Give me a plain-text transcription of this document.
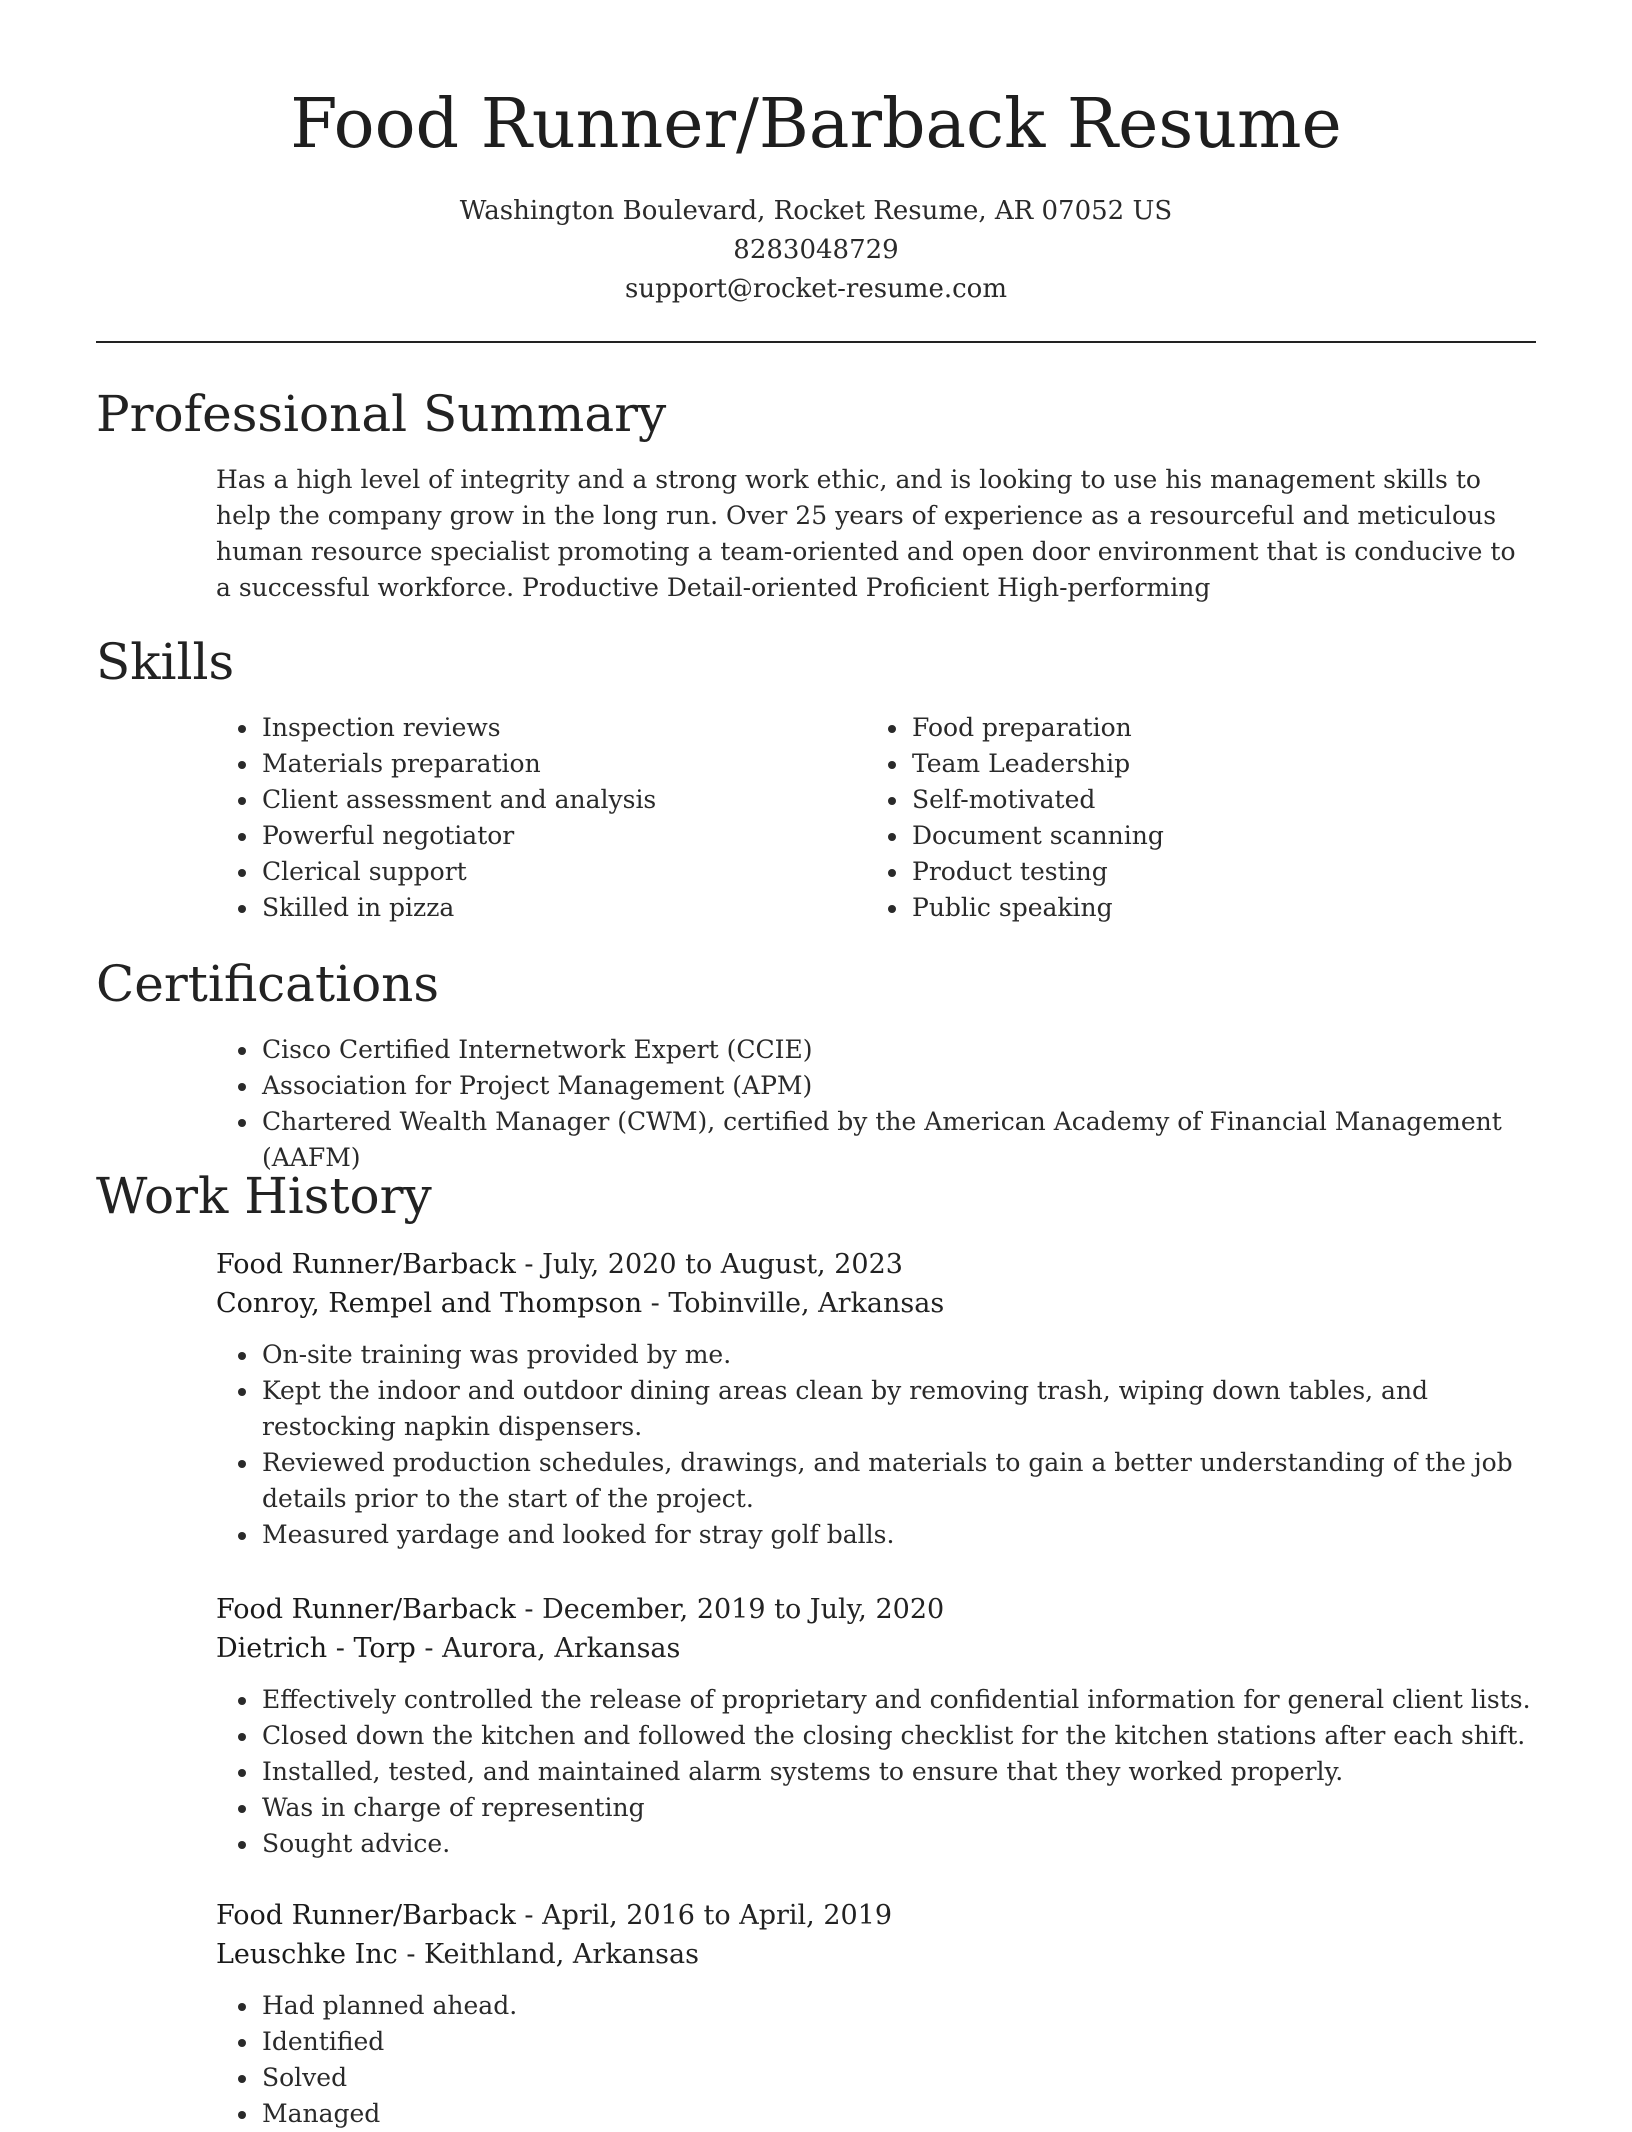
Food Runner/Barback Resume
Washington Boulevard, Rocket Resume, AR 07052 US
8283048729
support@rocket-resume.com
Professional Summary

Has a high level of integrity and a strong work ethic, and is looking to use his management skills to help the company grow in the long run. Over 25 years of experience as a resourceful and meticulous human resource specialist promoting a team-oriented and open door environment that is conducive to a successful workforce. Productive Detail-oriented Proficient High-performing

Skills
• Inspection reviews
• Materials preparation
• Client assessment and analysis
• Powerful negotiator
• Clerical support
• Skilled in pizza
• Food preparation
• Team Leadership
• Self-motivated
• Document scanning
• Product testing
• Public speaking
Certifications
• Cisco Certified Internetwork Expert (CCIE)
• Association for Project Management (APM)
• Chartered Wealth Manager (CWM), certified by the American Academy of Financial Management (AAFM)
Work History
Food Runner/Barback - July, 2020 to August, 2023
Conroy, Rempel and Thompson - Tobinville, Arkansas
• On-site training was provided by me.
• Kept the indoor and outdoor dining areas clean by removing trash, wiping down tables, and restocking napkin dispensers.
• Reviewed production schedules, drawings, and materials to gain a better understanding of the job details prior to the start of the project.
• Measured yardage and looked for stray golf balls.
Food Runner/Barback - December, 2019 to July, 2020
Dietrich - Torp - Aurora, Arkansas
• Effectively controlled the release of proprietary and confidential information for general client lists.
• Closed down the kitchen and followed the closing checklist for the kitchen stations after each shift.
• Installed, tested, and maintained alarm systems to ensure that they worked properly.
• Was in charge of representing
• Sought advice.
Food Runner/Barback - April, 2016 to April, 2019
Leuschke Inc - Keithland, Arkansas
• Had planned ahead.
• Identified
• Solved
• Managed
